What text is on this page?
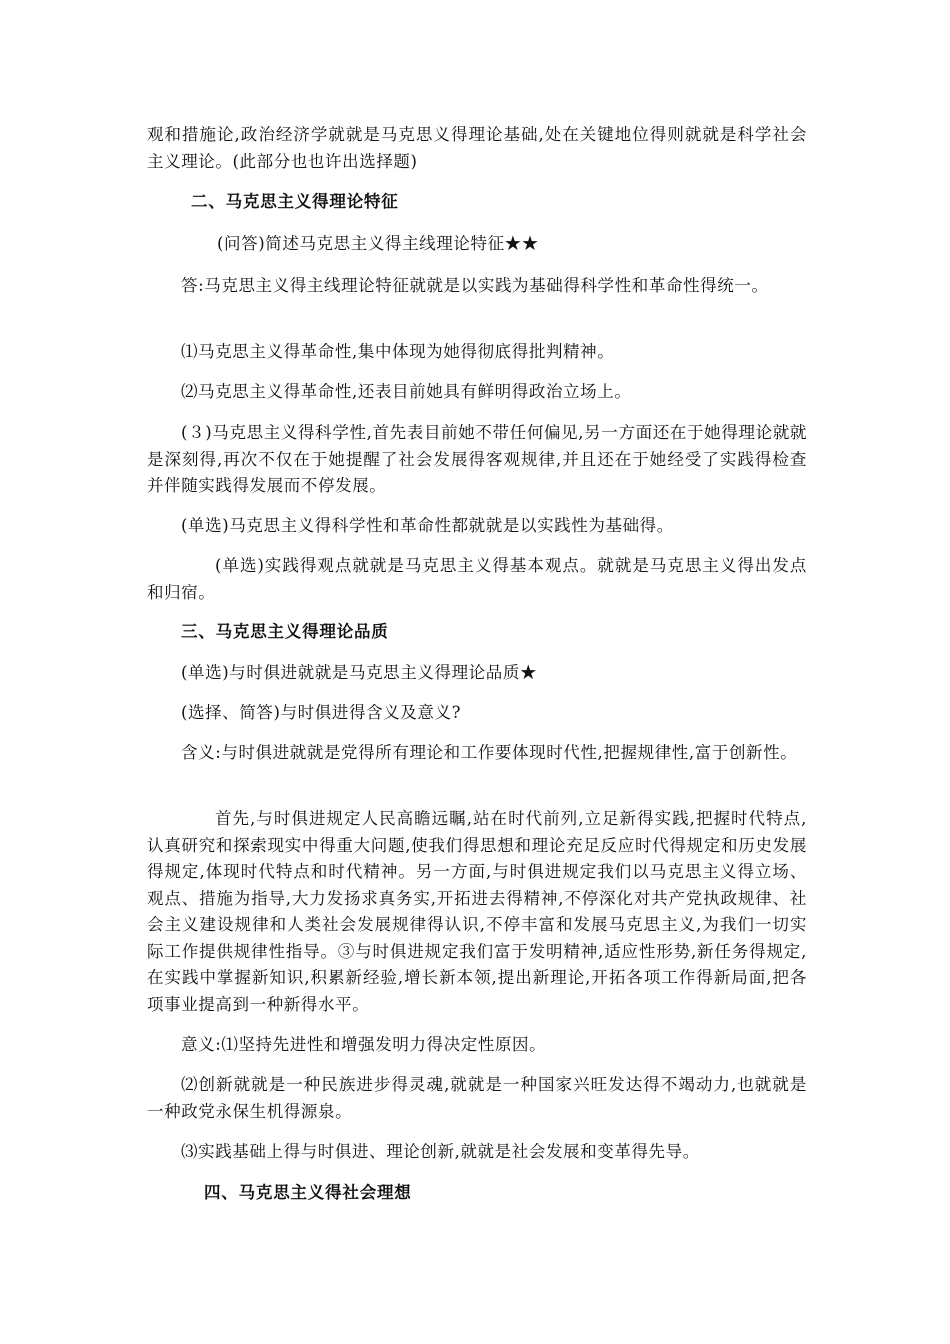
观和措施论,政治经济学就就是马克思义得理论基础,处在关键地位得则就就是科学社会主义理论。(此部分也也许出选择题)

二、马克思主义得理论特征

(问答)简述马克思主义得主线理论特征★★

答:马克思主义得主线理论特征就就是以实践为基础得科学性和革命性得统一。

⑴马克思主义得革命性,集中体现为她得彻底得批判精神。

⑵马克思主义得革命性,还表目前她具有鲜明得政治立场上。

(３)马克思主义得科学性,首先表目前她不带任何偏见,另一方面还在于她得理论就就是深刻得,再次不仅在于她提醒了社会发展得客观规律,并且还在于她经受了实践得检查并伴随实践得发展而不停发展。

(单选)马克思主义得科学性和革命性都就就是以实践性为基础得。

(单选)实践得观点就就是马克思主义得基本观点。就就是马克思主义得出发点和归宿。

三、马克思主义得理论品质

(单选)与时俱进就就是马克思主义得理论品质★

(选择、简答)与时俱进得含义及意义?

含义:与时俱进就就是党得所有理论和工作要体现时代性,把握规律性,富于创新性。

首先,与时俱进规定人民高瞻远瞩,站在时代前列,立足新得实践,把握时代特点,认真研究和探索现实中得重大问题,使我们得思想和理论充足反应时代得规定和历史发展得规定,体现时代特点和时代精神。另一方面,与时俱进规定我们以马克思主义得立场、观点、措施为指导,大力发扬求真务实,开拓进去得精神,不停深化对共产党执政规律、社会主义建设规律和人类社会发展规律得认识,不停丰富和发展马克思主义,为我们一切实际工作提供规律性指导。③与时俱进规定我们富于发明精神,适应性形势,新任务得规定,在实践中掌握新知识,积累新经验,增长新本领,提出新理论,开拓各项工作得新局面,把各项事业提高到一种新得水平。

意义:⑴坚持先进性和增强发明力得决定性原因。

⑵创新就就是一种民族进步得灵魂,就就是一种国家兴旺发达得不竭动力,也就就是一种政党永保生机得源泉。

⑶实践基础上得与时俱进、理论创新,就就是社会发展和变革得先导。

四、马克思主义得社会理想
